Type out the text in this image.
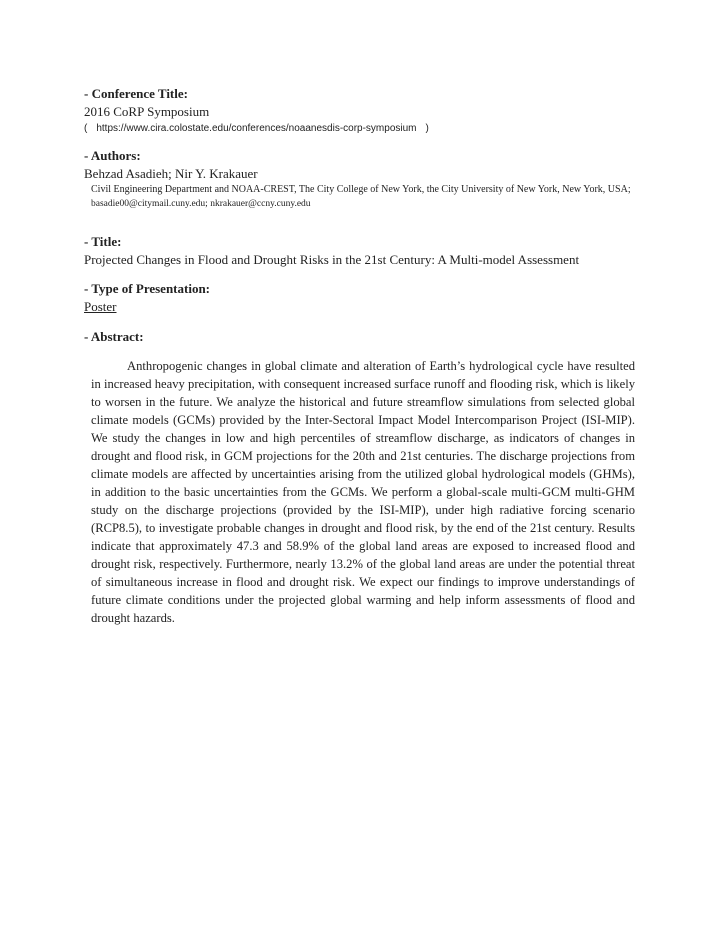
- Conference Title:
2016 CoRP Symposium
( https://www.cira.colostate.edu/conferences/noaanesdis-corp-symposium )
- Authors:
Behzad Asadieh; Nir Y. Krakauer
Civil Engineering Department and NOAA-CREST, The City College of New York, the City University of New York, New York, USA;
basadie00@citymail.cuny.edu; nkrakauer@ccny.cuny.edu
- Title:
Projected Changes in Flood and Drought Risks in the 21st Century: A Multi-model Assessment
- Type of Presentation:
Poster
- Abstract:
Anthropogenic changes in global climate and alteration of Earth’s hydrological cycle have resulted in increased heavy precipitation, with consequent increased surface runoff and flooding risk, which is likely to worsen in the future. We analyze the historical and future streamflow simulations from selected global climate models (GCMs) provided by the Inter-Sectoral Impact Model Intercomparison Project (ISI-MIP). We study the changes in low and high percentiles of streamflow discharge, as indicators of changes in drought and flood risk, in GCM projections for the 20th and 21st centuries. The discharge projections from climate models are affected by uncertainties arising from the utilized global hydrological models (GHMs), in addition to the basic uncertainties from the GCMs. We perform a global-scale multi-GCM multi-GHM study on the discharge projections (provided by the ISI-MIP), under high radiative forcing scenario (RCP8.5), to investigate probable changes in drought and flood risk, by the end of the 21st century. Results indicate that approximately 47.3 and 58.9% of the global land areas are exposed to increased flood and drought risk, respectively. Furthermore, nearly 13.2% of the global land areas are under the potential threat of simultaneous increase in flood and drought risk. We expect our findings to improve understandings of future climate conditions under the projected global warming and help inform assessments of flood and drought hazards.
